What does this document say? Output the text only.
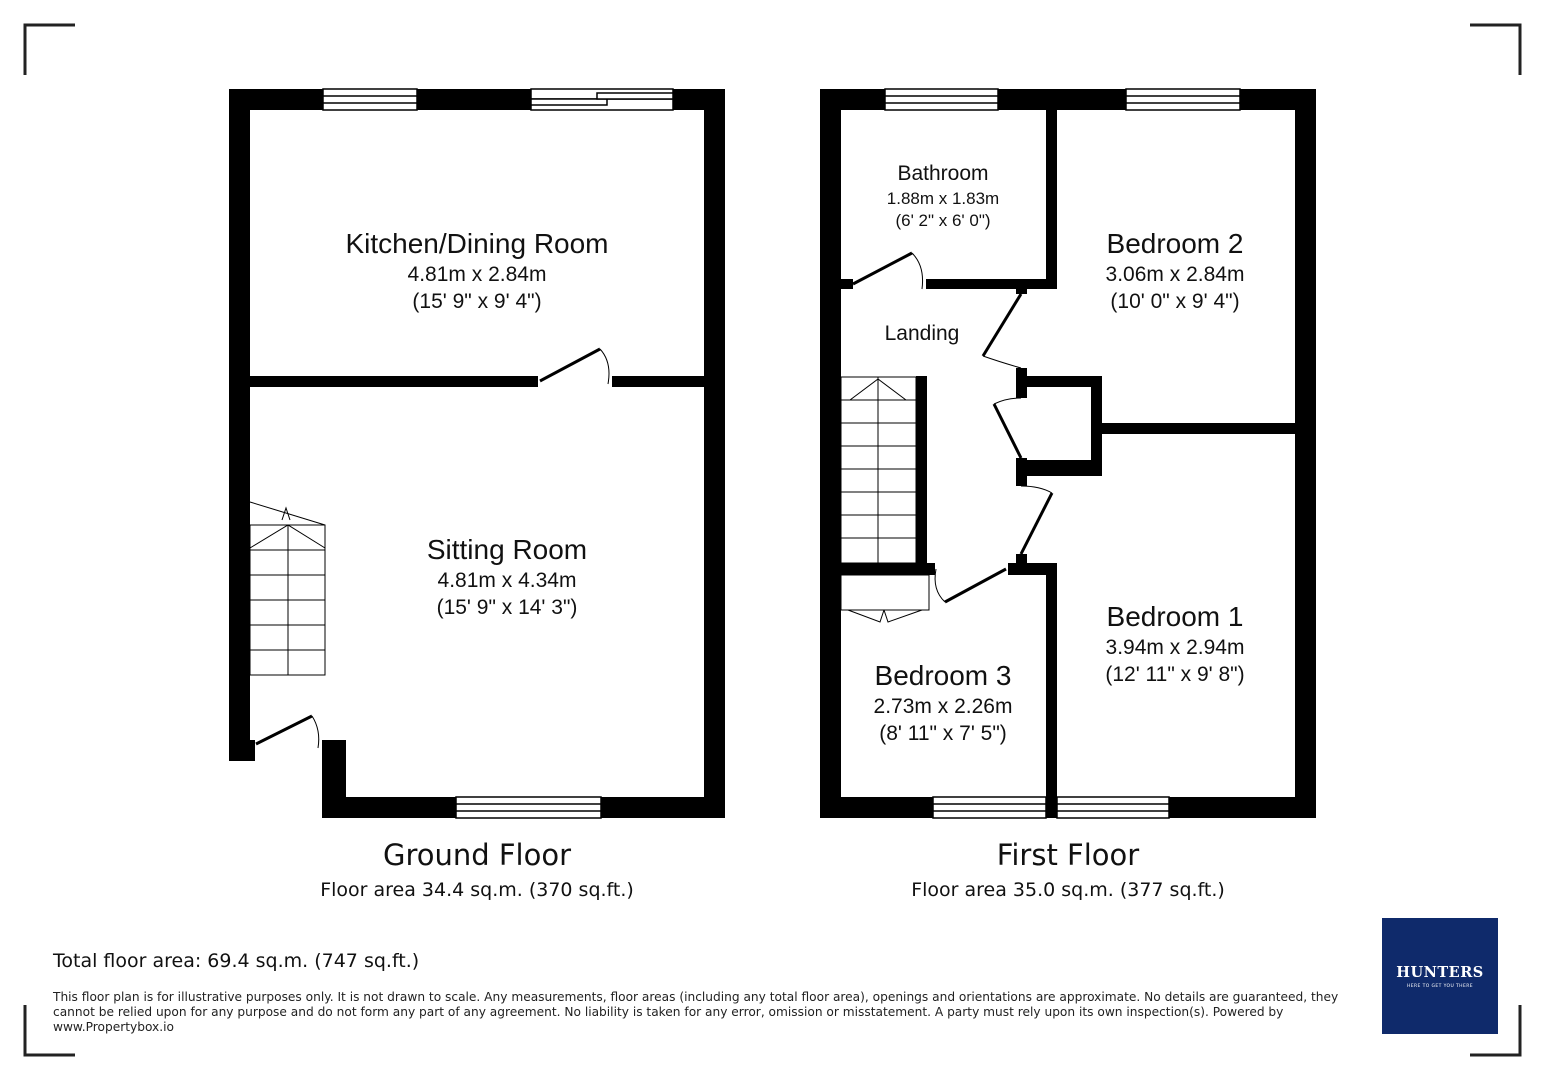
Kitchen/Dining Room
4.81m x 2.84m
(15' 9" x 9' 4")
Sitting Room
4.81m x 4.34m
(15' 9" x 14' 3")
Bathroom
1.88m x 1.83m
(6' 2" x 6' 0")
Bedroom 2
3.06m x 2.84m
(10' 0" x 9' 4")
Landing
Bedroom 1
3.94m x 2.94m
(12' 11" x 9' 8")
Bedroom 3
2.73m x 2.26m
(8' 11" x 7' 5")
Ground Floor
Floor area 34.4 sq.m. (370 sq.ft.)
First Floor
Floor area 35.0 sq.m. (377 sq.ft.)
Total floor area: 69.4 sq.m. (747 sq.ft.)
This floor plan is for illustrative purposes only. It is not drawn to scale. Any measurements, floor areas (including any total floor area), openings and orientations are approximate. No details are guaranteed, they cannot be relied upon for any purpose and do not form any part of any agreement. No liability is taken for any error, omission or misstatement. A party must rely upon its own inspection(s). Powered by www.Propertybox.io
HUNTERS
HERE TO GET YOU THERE
